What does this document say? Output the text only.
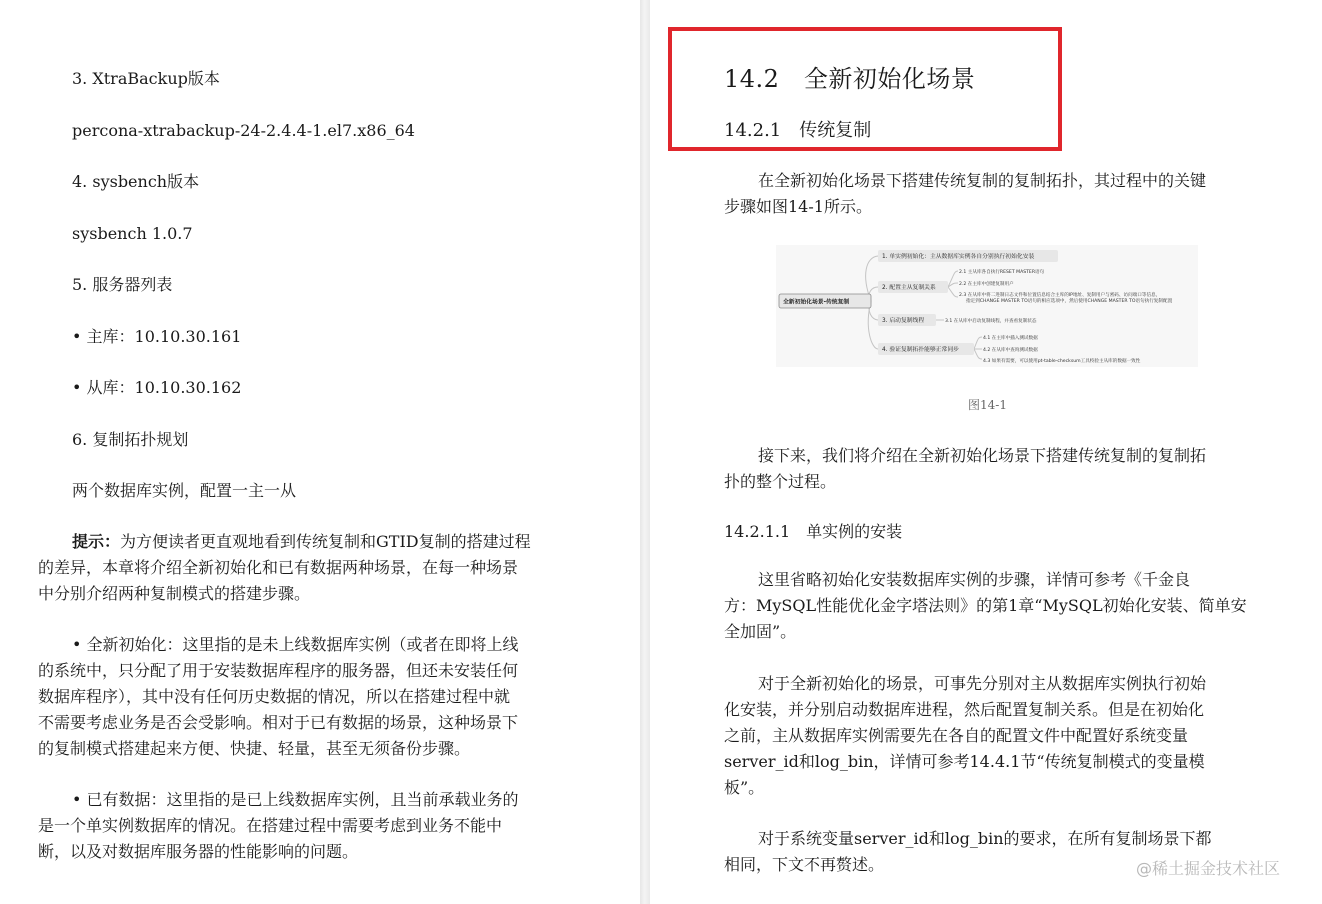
3. XtraBackup版本

percona-xtrabackup-24-2.4.4-1.el7.x86_64

4. sysbench版本

sysbench 1.0.7

5. 服务器列表

• 主库：10.10.30.161

• 从库：10.10.30.162

6. 复制拓扑规划

两个数据库实例，配置一主一从

提示：为方便读者更直观地看到传统复制和GTID复制的搭建过程
的差异，本章将介绍全新初始化和已有数据两种场景，在每一种场景
中分别介绍两种复制模式的搭建步骤。
• 全新初始化：这里指的是未上线数据库实例（或者在即将上线
的系统中，只分配了用于安装数据库程序的服务器，但还未安装任何
数据库程序），其中没有任何历史数据的情况，所以在搭建过程中就
不需要考虑业务是否会受影响。相对于已有数据的场景，这种场景下
的复制模式搭建起来方便、快捷、轻量，甚至无须备份步骤。
• 已有数据：这里指的是已上线数据库实例，且当前承载业务的
是一个单实例数据库的情况。在搭建过程中需要考虑到业务不能中
断，以及对数据库服务器的性能影响的问题。

14.2　全新初始化场景

14.2.1　传统复制

在全新初始化场景下搭建传统复制的复制拓扑，其过程中的关键
步骤如图14-1所示。
全新初始化场景-传统复制
1. 单实例初始化：主从数据库实例各自分别执行初始化安装
2. 配置主从复制关系
3. 启动复制线程
4. 验证复制拓扑能够正常同步
2.1 主从库各自执行RESET MASTER语句
2.2 在主库中创建复制用户
2.3 在从库中将二进制日志文件和位置信息结合主库的IP地址、复制用户与密码、访问端口等信息，
指定到CHANGE MASTER TO语句的相应选项中，然后使用CHANGE MASTER TO语句执行复制配置
3.1 在从库中启动复制线程，并查看复制状态
4.1 在主库中插入测试数据
4.2 在从库中查询测试数据
4.3 如果有需要，可以使用pt-table-checksum工具校验主从库的数据一致性

图14-1

接下来，我们将介绍在全新初始化场景下搭建传统复制的复制拓
扑的整个过程。

14.2.1.1　单实例的安装

这里省略初始化安装数据库实例的步骤，详情可参考《千金良
方：MySQL性能优化金字塔法则》的第1章“MySQL初始化安装、简单安
全加固”。
对于全新初始化的场景，可事先分别对主从数据库实例执行初始
化安装，并分别启动数据库进程，然后配置复制关系。但是在初始化
之前，主从数据库实例需要先在各自的配置文件中配置好系统变量
server_id和log_bin，详情可参考14.4.1节“传统复制模式的变量模
板”。
对于系统变量server_id和log_bin的要求，在所有复制场景下都
相同，下文不再赘述。	@稀土掘金技术社区
